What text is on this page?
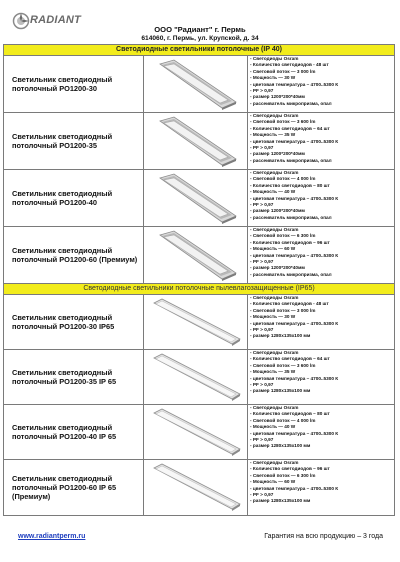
RADIANT
ООО "Радиант" г. Пермь
614060, г. Пермь, ул. Крупской, д. 34
Светодиодные светильники потолочные (IP 40)
Светильник светодиодный потолочный РО1200-30
- Светодиоды Osram
- Количество светодиодов - 48 шт
- Световой поток — 3 000 lm
- Мощность — 30 W
- цветовая температура – 4700..5300 К
- PF > 0,97
- размер 1200*200*40мм
- рассеиватель микропризма, опал
Светильник светодиодный потолочный РО1200-35
- Светодиоды Osram
- Световой поток — 3 600 lm
- Количество светодиодов – 64 шт
- Мощность — 35 W
- цветовая температура – 4700..5300 К
- PF > 0,97
- размер 1200*200*40мм
- рассеиватель микропризма, опал
Светильник светодиодный потолочный РО1200-40
- Светодиоды Osram
- Световой поток — 4 000 lm
- Количество светодиодов – 80 шт
- Мощность — 40 W
- цветовая температура – 4700..5300 К
- PF > 0,97
- размер 1200*200*40мм
- рассеиватель микропризма, опал
Светильник светодиодный потолочный РО1200-60 (Премиум)
- Светодиоды Osram
- Световой поток — 6 300 lm
- Количество светодиодов – 96 шт
- Мощность — 60 W
- цветовая температура – 4700..5300 К
- PF > 0,97
- размер 1200*200*40мм
- рассеиватель микропризма, опал
Светодиодные светильники потолочные пылевлагозащищенные (IP65)
Светильник светодиодный потолочный РО1200-30 IP65
- Светодиоды Osram
- Количество светодиодов - 48 шт
- Световой поток — 3 000 lm
- Мощность — 30 W
- цветовая температура – 4700..5300 К
- PF > 0,97
- размер 1280x135x100 мм
Светильник светодиодный потолочный РО1200-35 IP 65
- Светодиоды Osram
- Количество светодиодов – 64 шт
- Световой поток — 3 600 lm
- Мощность — 35 W
- цветовая температура – 4700..5300 К
- PF > 0,97
- размер 1280x135x100 мм
Светильник светодиодный потолочный РО1200-40 IP 65
- Светодиоды Osram
- Количество светодиодов – 80 шт
- Световой поток — 4 000 lm
- Мощность — 40 W
- цветовая температура – 4700..5300 К
- PF > 0,97
- размер 1280x135x100 мм
Светильник светодиодный потолочный РО1200-60 IP 65 (Премиум)
- Светодиоды Osram
- Количество светодиодов – 96 шт
- Световой поток — 6 300 lm
- Мощность — 60 W
- цветовая температура – 4700..5300 К
- PF > 0,97
- размер 1280x135x100 мм
www.radiantperm.ru	Гарантия на всю продукцию – 3 года
